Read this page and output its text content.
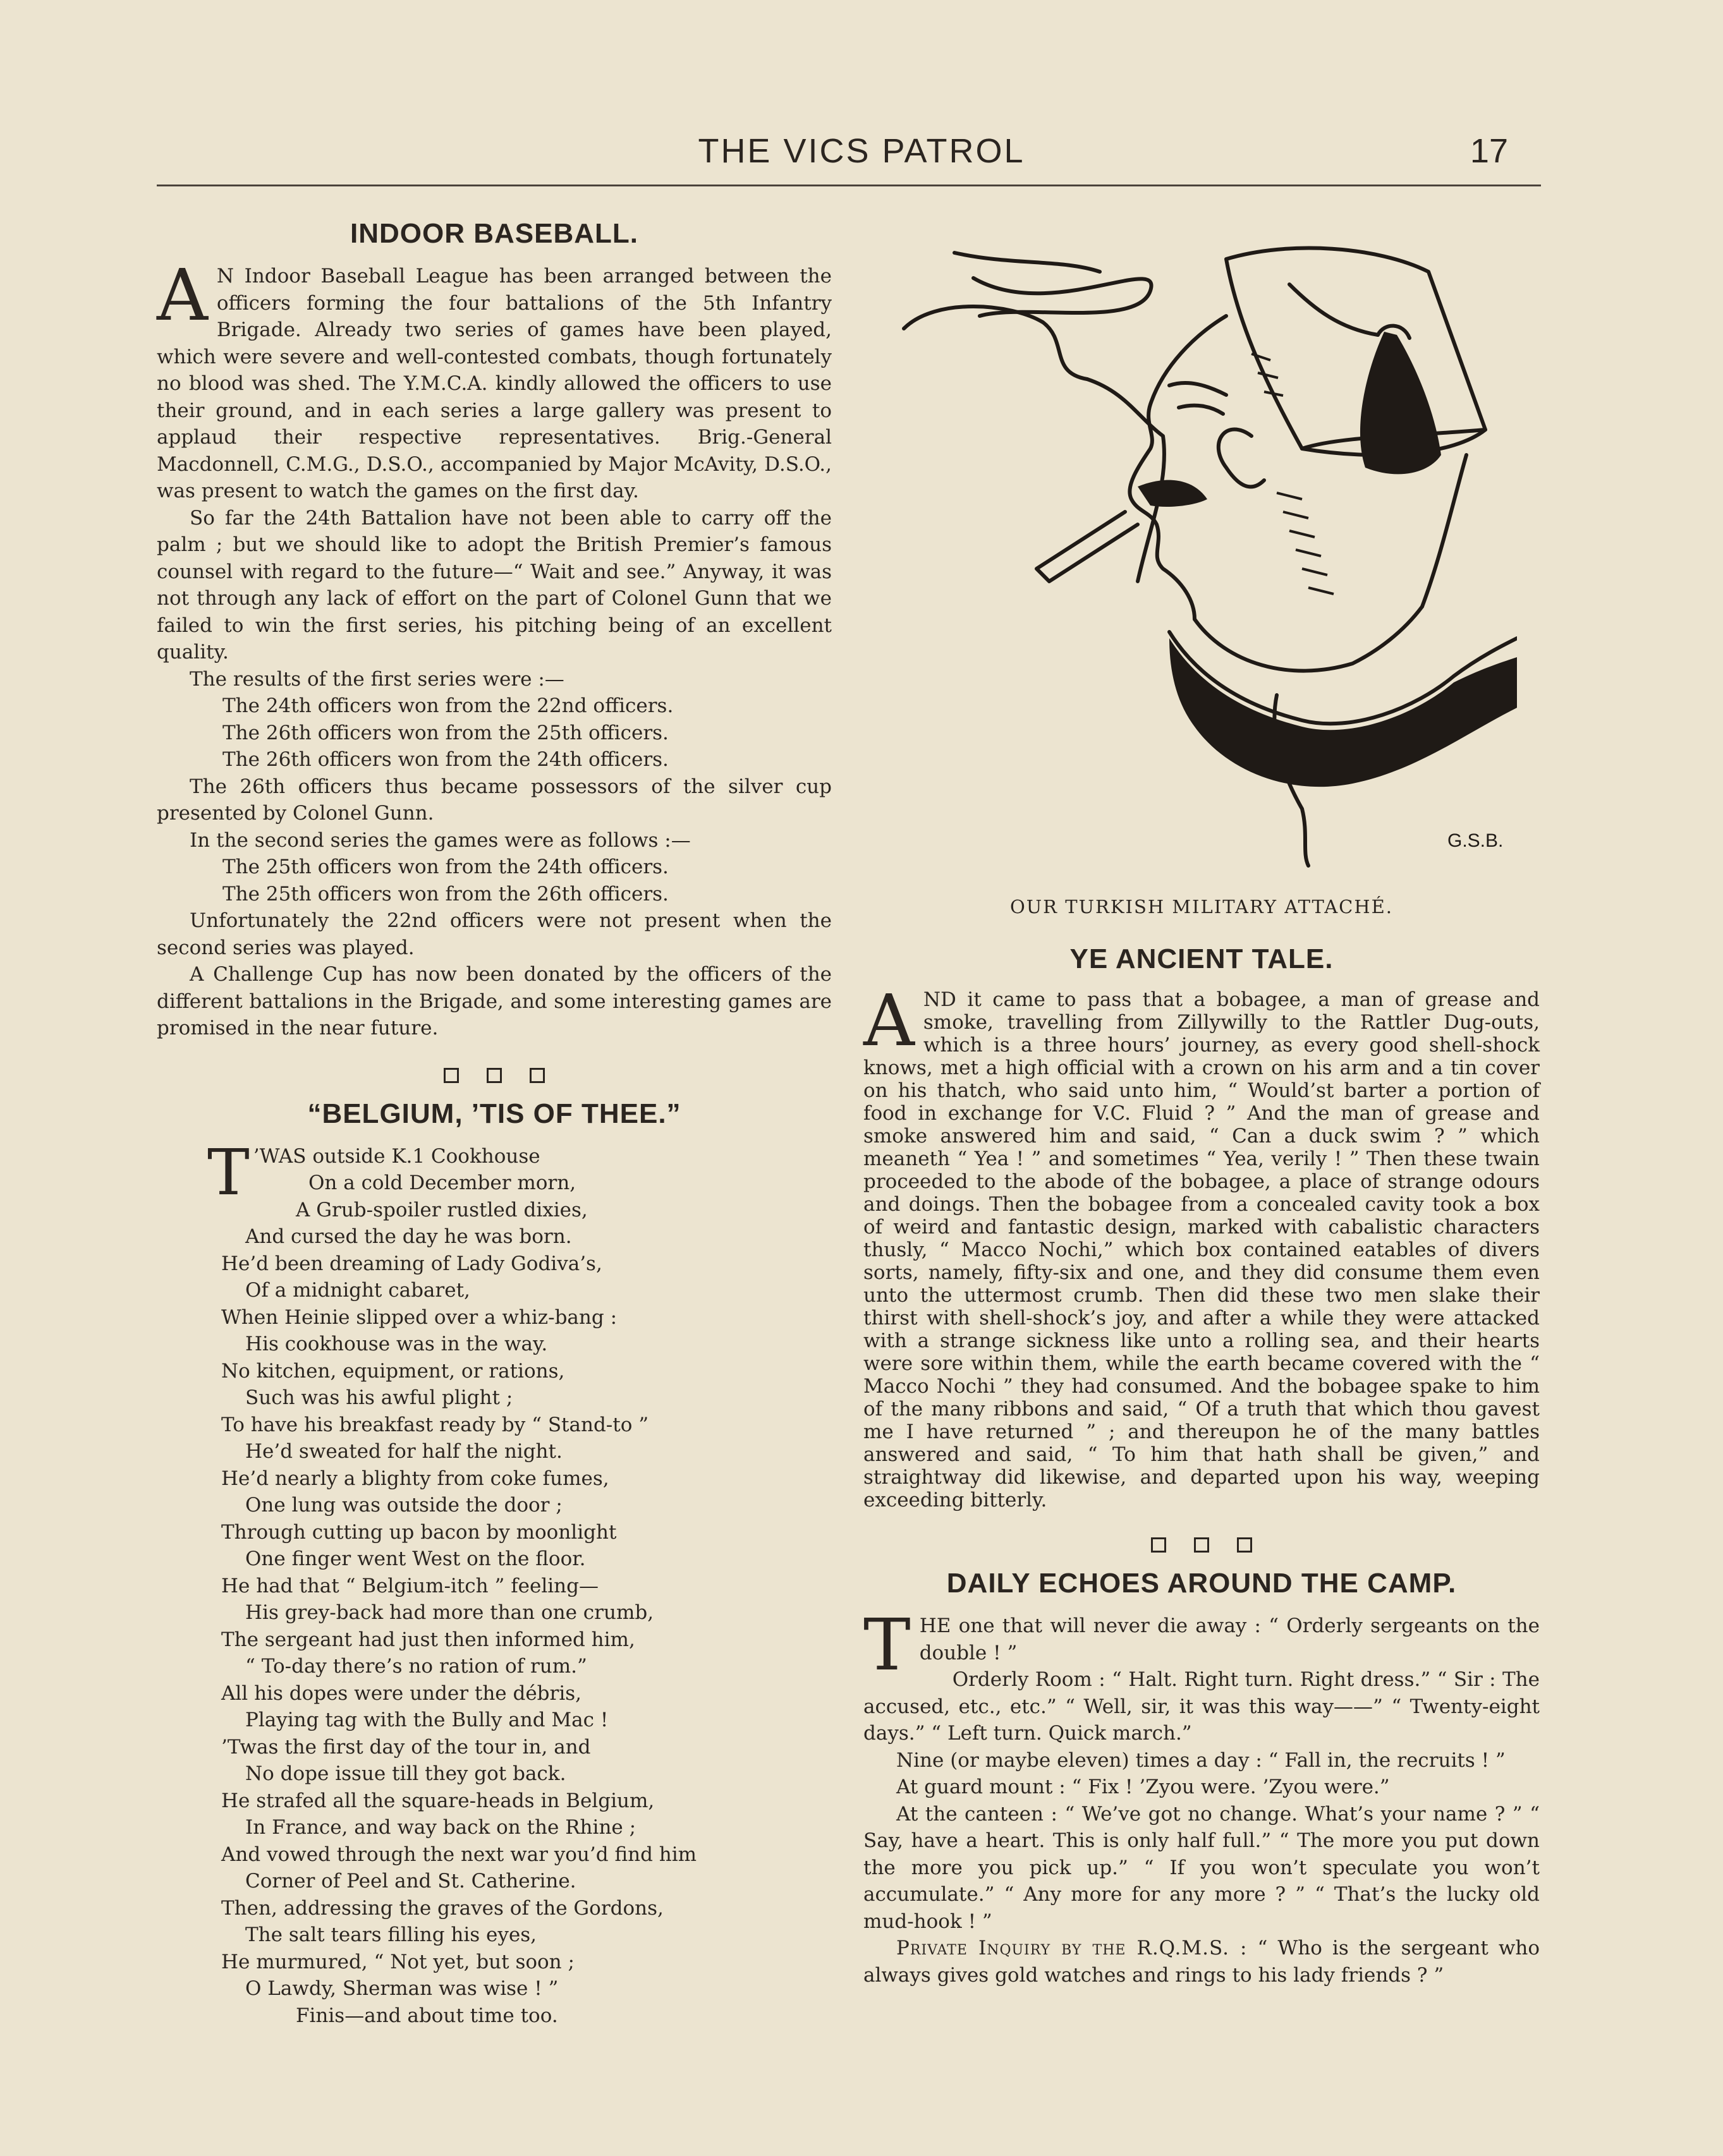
THE VICS PATROL	17
INDOOR BASEBALL.

A N Indoor Baseball League has been arranged between the officers forming the four battalions of the 5th Infantry Brigade. Already two series of games have been played, which were severe and well-contested combats, though fortunately no blood was shed. The Y.M.C.A. kindly allowed the officers to use their ground, and in each series a large gallery was present to applaud their respective representatives. Brig.-General Macdonnell, C.M.G., D.S.O., accompanied by Major McAvity, D.S.O., was present to watch the games on the first day.

So far the 24th Battalion have not been able to carry off the palm ; but we should like to adopt the British Premier’s famous counsel with regard to the future—“ Wait and see.” Anyway, it was not through any lack of effort on the part of Colonel Gunn that we failed to win the first series, his pitching being of an excellent quality.

The results of the first series were :—

The 24th officers won from the 22nd officers.

The 26th officers won from the 25th officers.

The 26th officers won from the 24th officers.

The 26th officers thus became possessors of the silver cup presented by Colonel Gunn.

In the second series the games were as follows :—

The 25th officers won from the 24th officers.

The 25th officers won from the 26th officers.

Unfortunately the 22nd officers were not present when the second series was played.

A Challenge Cup has now been donated by the officers of the different battalions in the Brigade, and some interesting games are promised in the near future.

“BELGIUM, ’TIS OF THEE.”

’
T WAS outside K.1 Cookhouse

On a cold December morn,

A Grub-spoiler rustled dixies,

And cursed the day he was born.

He’d been dreaming of Lady Godiva’s,

Of a midnight cabaret,

When Heinie slipped over a whiz-bang :

His cookhouse was in the way.

No kitchen, equipment, or rations,

Such was his awful plight ;

To have his breakfast ready by “ Stand-to ”

He’d sweated for half the night.

He’d nearly a blighty from coke fumes,

One lung was outside the door ;

Through cutting up bacon by moonlight

One finger went West on the floor.

He had that “ Belgium-itch ” feeling—

His grey-back had more than one crumb,

The sergeant had just then informed him,

“ To-day there’s no ration of rum.”

All his dopes were under the débris,

Playing tag with the Bully and Mac !

’Twas the first day of the tour in, and

No dope issue till they got back.

He strafed all the square-heads in Belgium,

In France, and way back on the Rhine ;

And vowed through the next war you’d find him

Corner of Peel and St. Catherine.

Then, addressing the graves of the Gordons,

The salt tears filling his eyes,

He murmured, “ Not yet, but soon ;

O Lawdy, Sherman was wise ! ”

Finis—and about time too.

G.S.B.
OUR TURKISH MILITARY ATTACHÉ.
YE ANCIENT TALE.

AND it came to pass that a bobagee, a man of grease and smoke, travelling from Zillywilly to the Rattler Dug-outs, which is a three hours’ journey, as every good shell-shock knows, met a high official with a crown on his arm and a tin cover on his thatch, who said unto him, “ Would’st barter a portion of food in exchange for V.C. Fluid ? ” And the man of grease and smoke answered him and said, “ Can a duck swim ? ” which meaneth “ Yea ! ” and sometimes “ Yea, verily ! ” Then these twain proceeded to the abode of the bobagee, a place of strange odours and doings. Then the bobagee from a concealed cavity took a box of weird and fantastic design, marked with cabalistic characters thusly, “ Macco Nochi,” which box contained eatables of divers sorts, namely, fifty-six and one, and they did consume them even unto the uttermost crumb. Then did these two men slake their thirst with shell-shock’s joy, and after a while they were attacked with a strange sickness like unto a rolling sea, and their hearts were sore within them, while the earth became covered with the “ Macco Nochi ” they had consumed. And the bobagee spake to him of the many ribbons and said, “ Of a truth that which thou gavest me I have returned ” ; and thereupon he of the many battles answered and said, “ To him that hath shall be given,” and straightway did likewise, and departed upon his way, weeping exceeding bitterly.

DAILY ECHOES AROUND THE CAMP.

THE one that will never die away : “ Orderly sergeants on the double ! ”

Orderly Room : “ Halt. Right turn. Right dress.” “ Sir : The accused, etc., etc.” “ Well, sir, it was this way——” “ Twenty-eight days.” “ Left turn. Quick march.”

Nine (or maybe eleven) times a day : “ Fall in, the recruits ! ”

At guard mount : “ Fix ! ’Zyou were. ’Zyou were.”

At the canteen : “ We’ve got no change. What’s your name ? ” “ Say, have a heart. This is only half full.” “ The more you put down the more you pick up.” “ If you won’t speculate you won’t accumulate.” “ Any more for any more ? ” “ That’s the lucky old mud-hook ! ”

Private Inquiry by the R.Q.M.S. : “ Who is the sergeant who always gives gold watches and rings to his lady friends ? ”
